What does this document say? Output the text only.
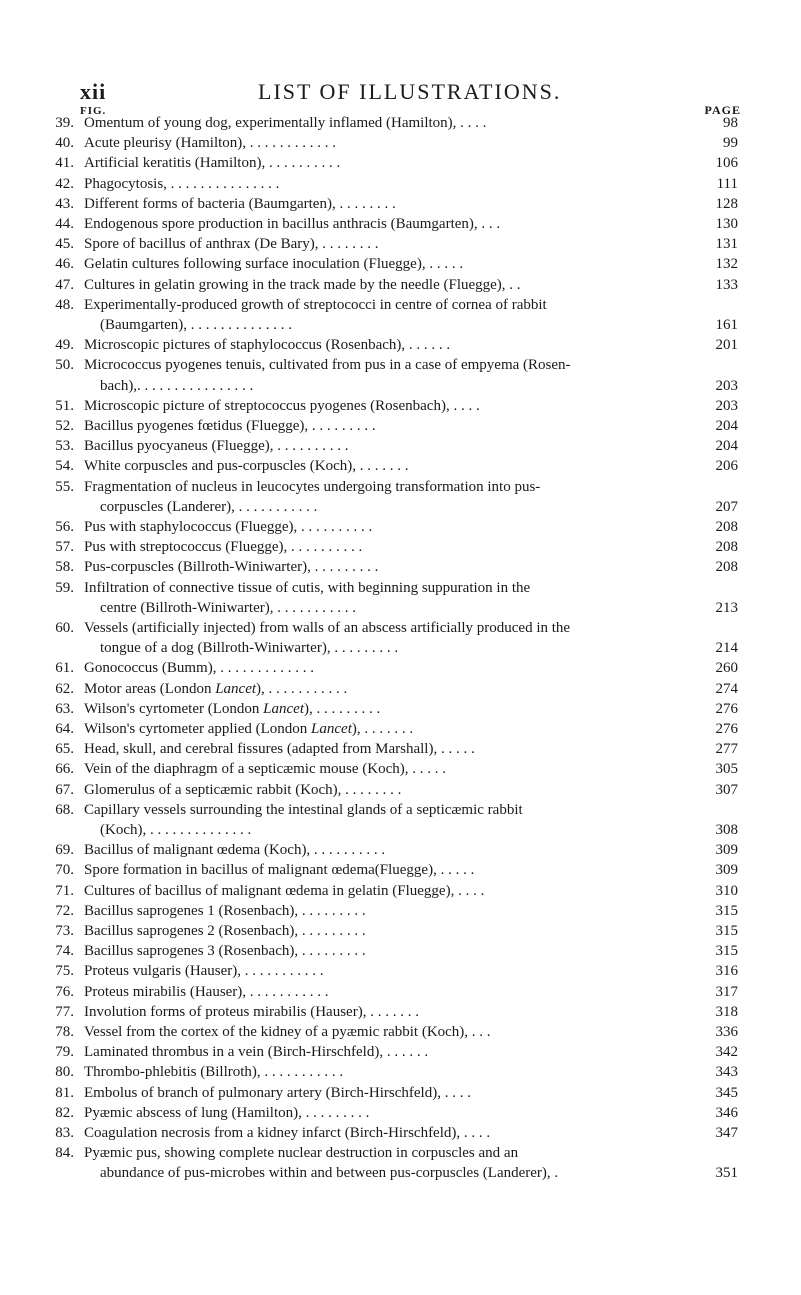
xii	LIST OF ILLUSTRATIONS.
FIG.	PAGE
39. Omentum of young dog, experimentally inflamed (Hamilton), . . . .	98
40. Acute pleurisy (Hamilton), . . . . . . . . . . . .	99
41. Artificial keratitis (Hamilton), . . . . . . . . . .	106
42. Phagocytosis, . . . . . . . . . . . . . . .	111
43. Different forms of bacteria (Baumgarten), . . . . . . . .	128
44. Endogenous spore production in bacillus anthracis (Baumgarten), . . .	130
45. Spore of bacillus of anthrax (De Bary), . . . . . . . .	131
46. Gelatin cultures following surface inoculation (Fluegge), . . . . .	132
47. Cultures in gelatin growing in the track made by the needle (Fluegge), . .	133
48. Experimentally-produced growth of streptococci in centre of cornea of rabbit
(Baumgarten), . . . . . . . . . . . . . .	161
49. Microscopic pictures of staphylococcus (Rosenbach), . . . . . .	201
50. Micrococcus pyogenes tenuis, cultivated from pus in a case of empyema (Rosen-
bach),. . . . . . . . . . . . . . . .	203
51. Microscopic picture of streptococcus pyogenes (Rosenbach), . . . .	203
52. Bacillus pyogenes fœtidus (Fluegge), . . . . . . . . .	204
53. Bacillus pyocyaneus (Fluegge), . . . . . . . . . .	204
54. White corpuscles and pus-corpuscles (Koch), . . . . . . .	206
55. Fragmentation of nucleus in leucocytes undergoing transformation into pus-
corpuscles (Landerer), . . . . . . . . . . .	207
56. Pus with staphylococcus (Fluegge), . . . . . . . . . .	208
57. Pus with streptococcus (Fluegge), . . . . . . . . . .	208
58. Pus-corpuscles (Billroth-Winiwarter), . . . . . . . . .	208
59. Infiltration of connective tissue of cutis, with beginning suppuration in the
centre (Billroth-Winiwarter), . . . . . . . . . . .	213
60. Vessels (artificially injected) from walls of an abscess artificially produced in the
tongue of a dog (Billroth-Winiwarter), . . . . . . . . .	214
61. Gonococcus (Bumm), . . . . . . . . . . . . .	260
62. Motor areas (London Lancet), . . . . . . . . . . .	274
63. Wilson's cyrtometer (London Lancet), . . . . . . . . .	276
64. Wilson's cyrtometer applied (London Lancet), . . . . . . .	276
65. Head, skull, and cerebral fissures (adapted from Marshall), . . . . .	277
66. Vein of the diaphragm of a septicæmic mouse (Koch), . . . . .	305
67. Glomerulus of a septicæmic rabbit (Koch), . . . . . . . .	307
68. Capillary vessels surrounding the intestinal glands of a septicæmic rabbit
(Koch), . . . . . . . . . . . . . .	308
69. Bacillus of malignant œdema (Koch), . . . . . . . . . .	309
70. Spore formation in bacillus of malignant œdema(Fluegge), . . . . .	309
71. Cultures of bacillus of malignant œdema in gelatin (Fluegge), . . . .	310
72. Bacillus saprogenes 1 (Rosenbach), . . . . . . . . .	315
73. Bacillus saprogenes 2 (Rosenbach), . . . . . . . . .	315
74. Bacillus saprogenes 3 (Rosenbach), . . . . . . . . .	315
75. Proteus vulgaris (Hauser), . . . . . . . . . . .	316
76. Proteus mirabilis (Hauser), . . . . . . . . . . .	317
77. Involution forms of proteus mirabilis (Hauser), . . . . . . .	318
78. Vessel from the cortex of the kidney of a pyæmic rabbit (Koch), . . .	336
79. Laminated thrombus in a vein (Birch-Hirschfeld), . . . . . .	342
80. Thrombo-phlebitis (Billroth), . . . . . . . . . . .	343
81. Embolus of branch of pulmonary artery (Birch-Hirschfeld), . . . .	345
82. Pyæmic abscess of lung (Hamilton), . . . . . . . . .	346
83. Coagulation necrosis from a kidney infarct (Birch-Hirschfeld), . . . .	347
84. Pyæmic pus, showing complete nuclear destruction in corpuscles and an
abundance of pus-microbes within and between pus-corpuscles (Landerer), .	351
